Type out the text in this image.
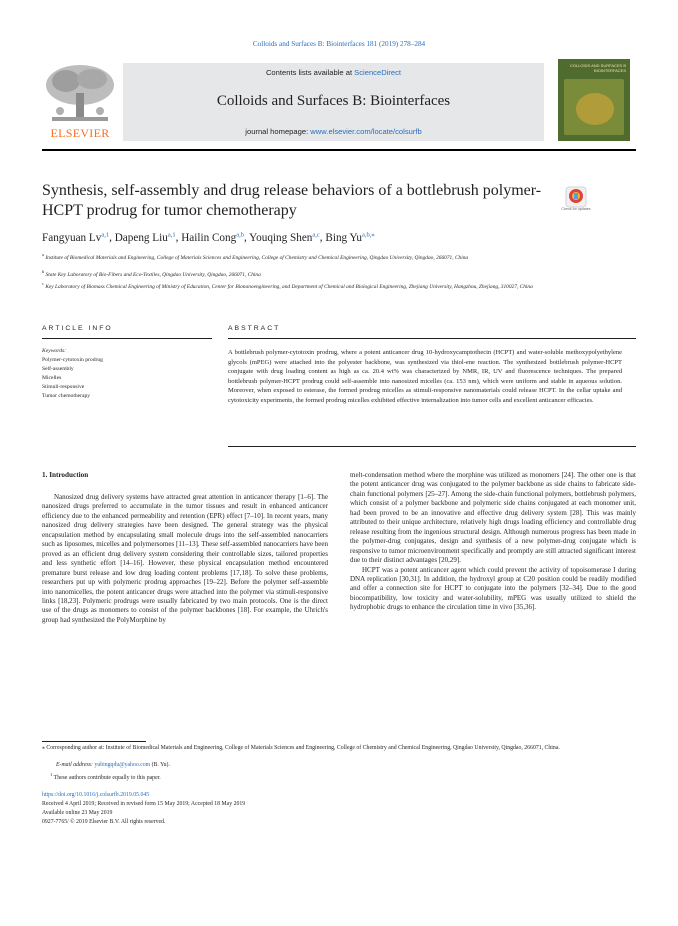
Colloids and Surfaces B: Biointerfaces 181 (2019) 278–284
ELSEVIER
Contents lists available at ScienceDirect
Colloids and Surfaces B: Biointerfaces
journal homepage: www.elsevier.com/locate/colsurfb
COLLOIDS AND SURFACES B BIOINTERFACES
Synthesis, self-assembly and drug release behaviors of a bottlebrush polymer-HCPT prodrug for tumor chemotherapy	Check for updates
Fangyuan Lv$^{a,1}$, Dapeng Liu$^{a,1}$, Hailin Cong$^{a,b}$, Youqing Shen$^{a,c}$, Bing $Yu^{a,b,⁎}$
$^a$ Institute of Biomedical Materials and Engineering, College of Materials Sciences and Engineering, College of Chemistry and Chemical Engineering, Qingdao University, Qingdao, 266071, China
$^b$ State Key Laboratory of Bio-Fibers and Eco-Textiles, Qingdao University, Qingdao, 266071, China
$^c$ Key Laboratory of Biomass Chemical Engineering of Ministry of Education, Center for Bionanoengineering, and Department of Chemical and Biological Engineering, Zhejiang University, Hangzhou, Zhejiang, 310027, China
ARTICLE INFO
Keywords:
Polymer-cytotoxin prodrug
Self-assembly
Micelles
Stimuli-responsive
Tumor chemotherapy
ABSTRACT
A bottlebrush polymer-cytotoxin prodrug, where a potent anticancer drug 10-hydroxycamptothecin (HCPT) and water-soluble methoxypolyethylene glycols (mPEG) were attached into the polyester backbone, was synthesized via thiol-ene reaction. The synthesized bottlebrush polymer-HCPT conjugate with drug loading content as high as ca. 20.4 wt% was characterized by NMR, IR, UV and fluorescence techniques. The prepared bottlebrush polymer-HCPT prodrug could self-assemble into nanosized micelles (ca. 153 nm), which were uniform and stable in aqueous solution. Moreover, when exposed to esterase, the formed prodrug micelles as stimuli-responsive nanomaterials could release HCPT. In the cellar uptake and cytotoxicity experiments, the formed prodrug micelles exhibited effective internalization into tumor cells and excellent anticancer efficacies.
1. Introduction

Nanosized drug delivery systems have attracted great attention in anticancer therapy [1–6]. The nanosized drugs preferred to accumulate in the tumor tissues and result in enhanced anticancer efficiency due to the enhanced permeability and retention (EPR) effect [7–10]. In recent years, many nanosized drug delivery strategies have been designed. The general strategy was the physical encapsulation method by encapsulating small molecule drugs into the self-assembled nanocarriers such as liposomes, micelles and polymersomes [11–13]. These self-assembled nanocarriers have been proved as an efficient drug delivery system considering their controllable sizes, tailored properties and less synthetic effort [14–16]. However, these physical encapsulation method encountered premature burst release and low drug loading content problems [17,18]. To solve these problems, researchers put up with polymeric prodrug approaches [19–22]. Before the polymer self-assemble into nanomicelles, the potent anticancer drugs were attached into the polymer via stimuli-responsive links [18,23]. Polymeric prodrugs were usually fabricated by two main protocols. One is the direct use of the drugs as monomers to consist of the polymer backbones [18]. For example, the Uhrich's group had synthesized the PolyMorphine by

melt-condensation method where the morphine was utilized as monomers [24]. The other one is that the potent anticancer drug was conjugated to the polymer backbone as side chains to fabricate side-chain functional polymers [25–27]. Among the side-chain functional polymers, bottlebrush polymers, which consist of a polymer backbone and polymeric side chains conjugated at each monomer unit, had been proved to be an innovative and effective drug delivery system [28]. This was mainly attributed to their unique architecture, relatively high drugs loading efficiency and controllable drug release resulting from the ingenious structural design. Although numerous progress has been made in the polymer-drug conjugates, design and synthesis of a new polymer-drug conjugate which is responsive to tumor microenvironment specifically and promptly are still attracted significant interest due to their distinct advantages [20,29].

HCPT was a potent anticancer agent which could prevent the activity of topoisomerase I during DNA replication [30,31]. In addition, the hydroxyl group at C20 position could be readily modified and offer a connection site for HCPT to conjugate into the polymers [32–34]. Due to the good biocompatibility, low toxicity and water-solubility, mPEG was usually utilized to shield the hydrophobic drugs to enhance the circulation time in vivo [35,36].

⁎ Corresponding author at: Institute of Biomedical Materials and Engineering, College of Materials Sciences and Engineering, College of Chemistry and Chemical Engineering, Qingdao University, Qingdao, 266071, China.
E-mail address: yubingqdu@yahoo.com (B. Yu).
$^1$ These authors contribute equally to this paper.
https://doi.org/10.1016/j.colsurfb.2019.05.045
Received 4 April 2019; Received in revised form 15 May 2019; Accepted 18 May 2019
Available online 23 May 2019
0927-7765/ © 2019 Elsevier B.V. All rights reserved.
